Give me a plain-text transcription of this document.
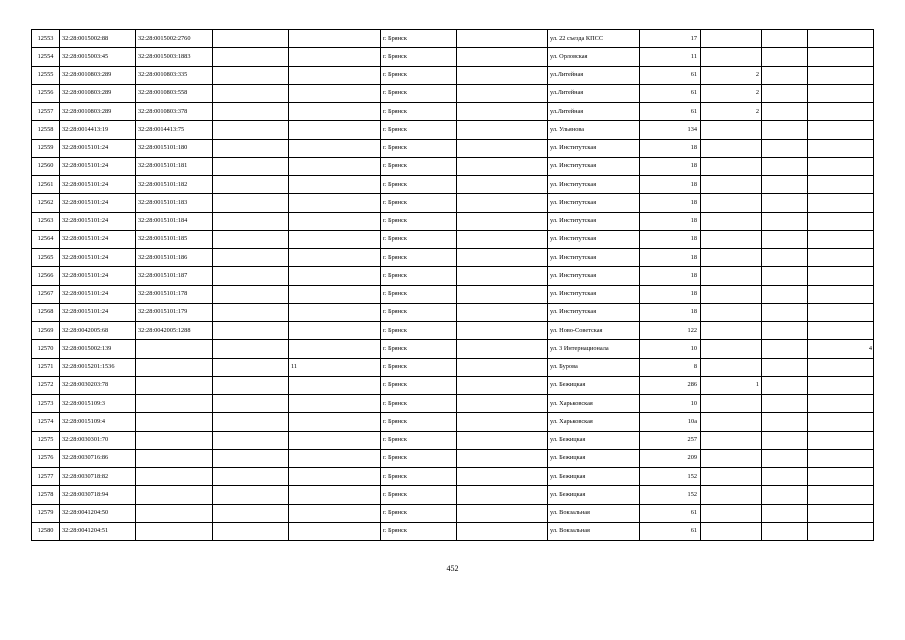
12553	32:28:0015002:88	32:28:0015002:2760			г. Брянск		ул. 22 съезда КПСС	17			
12554	32:28:0015003:45	32:28:0015003:1883			г. Брянск		ул. Орловская	11			
12555	32:28:0010803:289	32:28:0010803:335			г. Брянск		ул.Литейная	61	2		
12556	32:28:0010803:289	32:28:0010803:558			г. Брянск		ул.Литейная	61	2		
12557	32:28:0010803:289	32:28:0010803:378			г. Брянск		ул.Литейная	61	2		
12558	32:28:0014413:19	32:28:0014413:75			г. Брянск		ул. Ульянова	134			
12559	32:28:0015101:24	32:28:0015101:180			г. Брянск		ул. Институтская	18			
12560	32:28:0015101:24	32:28:0015101:181			г. Брянск		ул. Институтская	18			
12561	32:28:0015101:24	32:28:0015101:182			г. Брянск		ул. Институтская	18			
12562	32:28:0015101:24	32:28:0015101:183			г. Брянск		ул. Институтская	18			
12563	32:28:0015101:24	32:28:0015101:184			г. Брянск		ул. Институтская	18			
12564	32:28:0015101:24	32:28:0015101:185			г. Брянск		ул. Институтская	18			
12565	32:28:0015101:24	32:28:0015101:186			г. Брянск		ул. Институтская	18			
12566	32:28:0015101:24	32:28:0015101:187			г. Брянск		ул. Институтская	18			
12567	32:28:0015101:24	32:28:0015101:178			г. Брянск		ул. Институтская	18			
12568	32:28:0015101:24	32:28:0015101:179			г. Брянск		ул. Институтская	18			
12569	32:28:0042005:68	32:28:0042005:1288			г. Брянск		ул. Ново-Советская	122			
12570	32:28:0015002:139				г. Брянск		ул. 3 Интернационала	10			4
12571	32:28:0015201:1536			11	г. Брянск		ул. Бурова	8			
12572	32:28:0030203:78				г. Брянск		ул. Бежицкая	286	1		
12573	32:28:0015109:3				г. Брянск		ул. Харьковская	10			
12574	32:28:0015109:4				г. Брянск		ул. Харьковская	10а			
12575	32:28:0030301:70				г. Брянск		ул. Бежицкая	257			
12576	32:28:0030716:86				г. Брянск		ул. Бежицкая	209			
12577	32:28:0030718:82				г. Брянск		ул. Бежицкая	152			
12578	32:28:0030718:94				г. Брянск		ул. Бежицкая	152			
12579	32:28:0041204:50				г. Брянск		ул. Вокзальная	61			
12580	32:28:0041204:51				г. Брянск		ул. Вокзальная	61			
452
